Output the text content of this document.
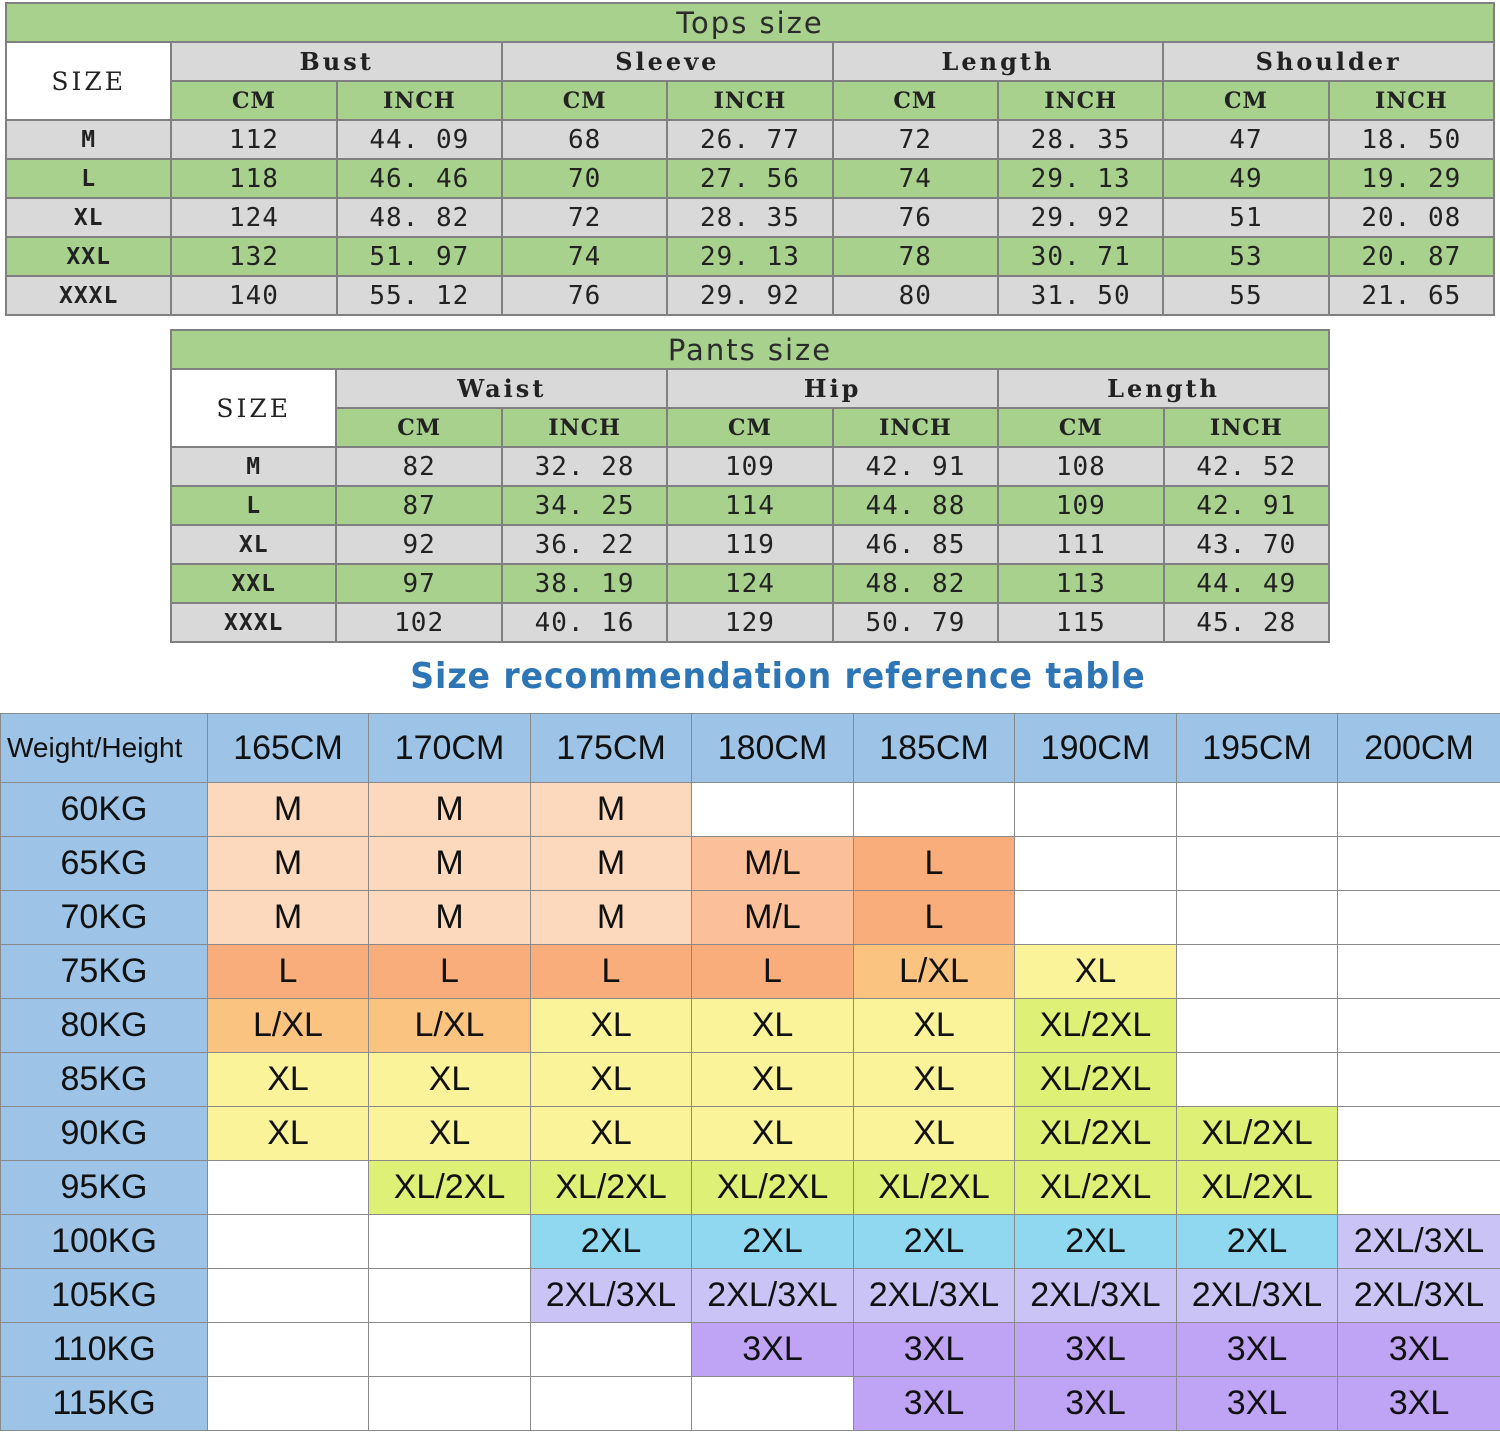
Tops size								
SIZE	Bust		Sleeve		Length		Shoulder	
	CM	INCH	CM	INCH	CM	INCH	CM	INCH
M	112	44. 09	68	26. 77	72	28. 35	47	18. 50
L	118	46. 46	70	27. 56	74	29. 13	49	19. 29
XL	124	48. 82	72	28. 35	76	29. 92	51	20. 08
XXL	132	51. 97	74	29. 13	78	30. 71	53	20. 87
XXXL	140	55. 12	76	29. 92	80	31. 50	55	21. 65
Pants size						
SIZE	Waist		Hip		Length	
	CM	INCH	CM	INCH	CM	INCH
M	82	32. 28	109	42. 91	108	42. 52
L	87	34. 25	114	44. 88	109	42. 91
XL	92	36. 22	119	46. 85	111	43. 70
XXL	97	38. 19	124	48. 82	113	44. 49
XXXL	102	40. 16	129	50. 79	115	45. 28
Size recommendation reference table
Weight/Height	165CM	170CM	175CM	180CM	185CM	190CM	195CM	200CM
60KG	M	M	M					
65KG	M	M	M	M/L	L			
70KG	M	M	M	M/L	L			
75KG	L	L	L	L	L/XL	XL		
80KG	L/XL	L/XL	XL	XL	XL	XL/2XL		
85KG	XL	XL	XL	XL	XL	XL/2XL		
90KG	XL	XL	XL	XL	XL	XL/2XL	XL/2XL	
95KG		XL/2XL	XL/2XL	XL/2XL	XL/2XL	XL/2XL	XL/2XL	
100KG			2XL	2XL	2XL	2XL	2XL	2XL/3XL
105KG			2XL/3XL	2XL/3XL	2XL/3XL	2XL/3XL	2XL/3XL	2XL/3XL
110KG				3XL	3XL	3XL	3XL	3XL
115KG					3XL	3XL	3XL	3XL
